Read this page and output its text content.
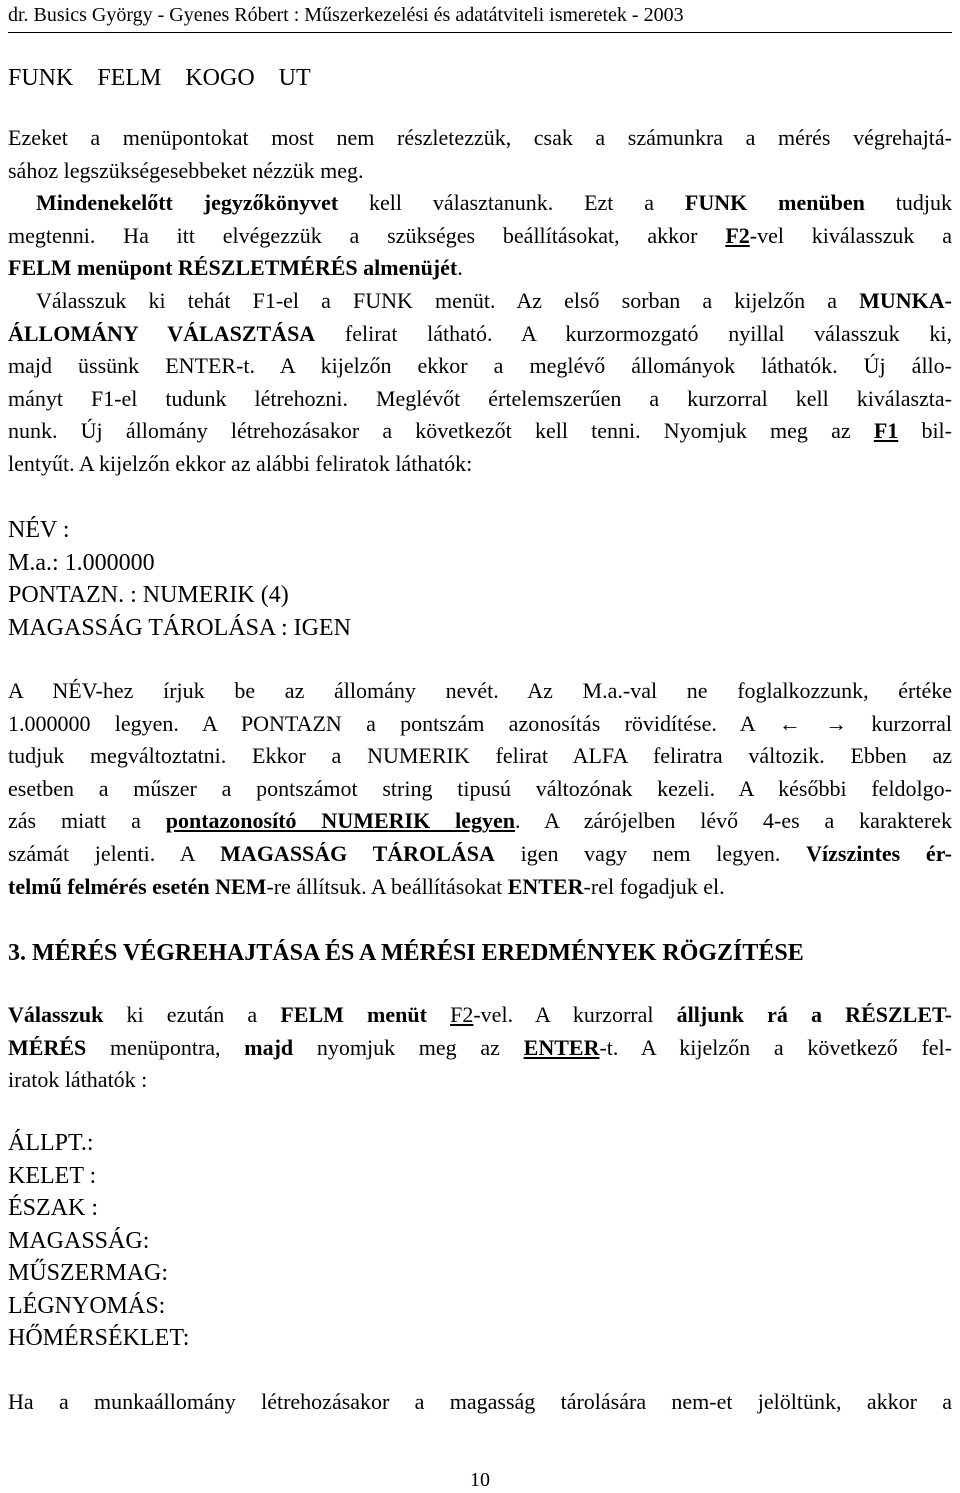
dr. Busics György - Gyenes Róbert : Műszerkezelési és adatátviteli ismeretek - 2003
FUNK    FELM    KOGO    UT
Ezeket a menüpontokat most nem részletezzük, csak a számunkra a mérés végrehajtá-
sához legszükségesebbeket nézzük meg.
Mindenekelőtt jegyzőkönyvet kell választanunk. Ezt a FUNK menüben tudjuk
megtenni. Ha itt elvégezzük a szükséges beállításokat, akkor F2-vel kiválasszuk a
FELM menüpont RÉSZLETMÉRÉS almenüjét.
Válasszuk ki tehát F1-el a FUNK menüt. Az első sorban a kijelzőn a MUNKA-
ÁLLOMÁNY VÁLASZTÁSA felirat látható. A kurzormozgató nyillal válasszuk ki,
majd üssünk ENTER-t. A kijelzőn ekkor a meglévő állományok láthatók. Új állo-
mányt F1-el tudunk létrehozni. Meglévőt értelemszerűen a kurzorral kell kiválaszta-
nunk. Új állomány létrehozásakor a következőt kell tenni. Nyomjuk meg az F1 bil-
lentyűt. A kijelzőn ekkor az alábbi feliratok láthatók:
NÉV :
M.a.: 1.000000
PONTAZN. : NUMERIK (4)
MAGASSÁG TÁROLÁSA : IGEN
A NÉV-hez írjuk be az állomány nevét. Az M.a.-val ne foglalkozzunk, értéke
1.000000 legyen. A PONTAZN a pontszám azonosítás rövidítése. A ← → kurzorral
tudjuk megváltoztatni. Ekkor a NUMERIK felirat ALFA feliratra változik. Ebben az
esetben a műszer a pontszámot string tipusú változónak kezeli. A későbbi feldolgo-
zás miatt a pontazonosító NUMERIK legyen. A zárójelben lévő 4-es a karakterek
számát jelenti. A MAGASSÁG TÁROLÁSA igen vagy nem legyen. Vízszintes ér-
telmű felmérés esetén NEM-re állítsuk. A beállításokat ENTER-rel fogadjuk el.
3. MÉRÉS VÉGREHAJTÁSA ÉS A MÉRÉSI EREDMÉNYEK RÖGZÍTÉSE
Válasszuk ki ezután a FELM menüt F2-vel. A kurzorral álljunk rá a RÉSZLET-
MÉRÉS menüpontra, majd nyomjuk meg az ENTER-t. A kijelzőn a következő fel-
iratok láthatók :
ÁLLPT.:
KELET :
ÉSZAK :
MAGASSÁG:
MŰSZERMAG:
LÉGNYOMÁS:
HŐMÉRSÉKLET:
Ha a munkaállomány létrehozásakor a magasság tárolására nem-et jelöltünk, akkor a
10
